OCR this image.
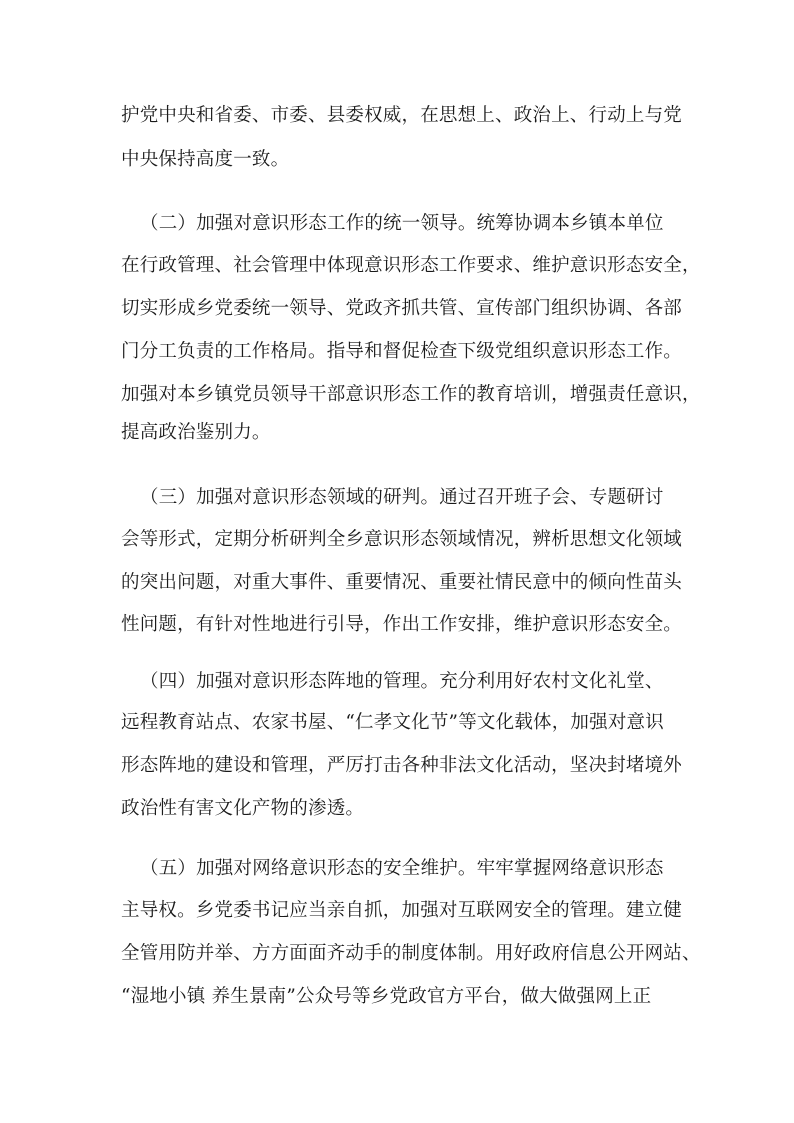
护党中央和省委、市委、县委权威，在思想上、政治上、行动上与党
中央保持高度一致。
（二）加强对意识形态工作的统一领导。统筹协调本乡镇本单位
在行政管理、社会管理中体现意识形态工作要求、维护意识形态安全，
切实形成乡党委统一领导、党政齐抓共管、宣传部门组织协调、各部
门分工负责的工作格局。指导和督促检查下级党组织意识形态工作。
加强对本乡镇党员领导干部意识形态工作的教育培训，增强责任意识，
提高政治鉴别力。
（三）加强对意识形态领域的研判。通过召开班子会、专题研讨
会等形式，定期分析研判全乡意识形态领域情况，辨析思想文化领域
的突出问题，对重大事件、重要情况、重要社情民意中的倾向性苗头
性问题，有针对性地进行引导，作出工作安排，维护意识形态安全。
（四）加强对意识形态阵地的管理。充分利用好农村文化礼堂、
远程教育站点、农家书屋、“仁孝文化节”等文化载体，加强对意识
形态阵地的建设和管理，严厉打击各种非法文化活动，坚决封堵境外
政治性有害文化产物的渗透。
（五）加强对网络意识形态的安全维护。牢牢掌握网络意识形态
主导权。乡党委书记应当亲自抓，加强对互联网安全的管理。建立健
全管用防并举、方方面面齐动手的制度体制。用好政府信息公开网站、
“湿地小镇 养生景南”公众号等乡党政官方平台，做大做强网上正
